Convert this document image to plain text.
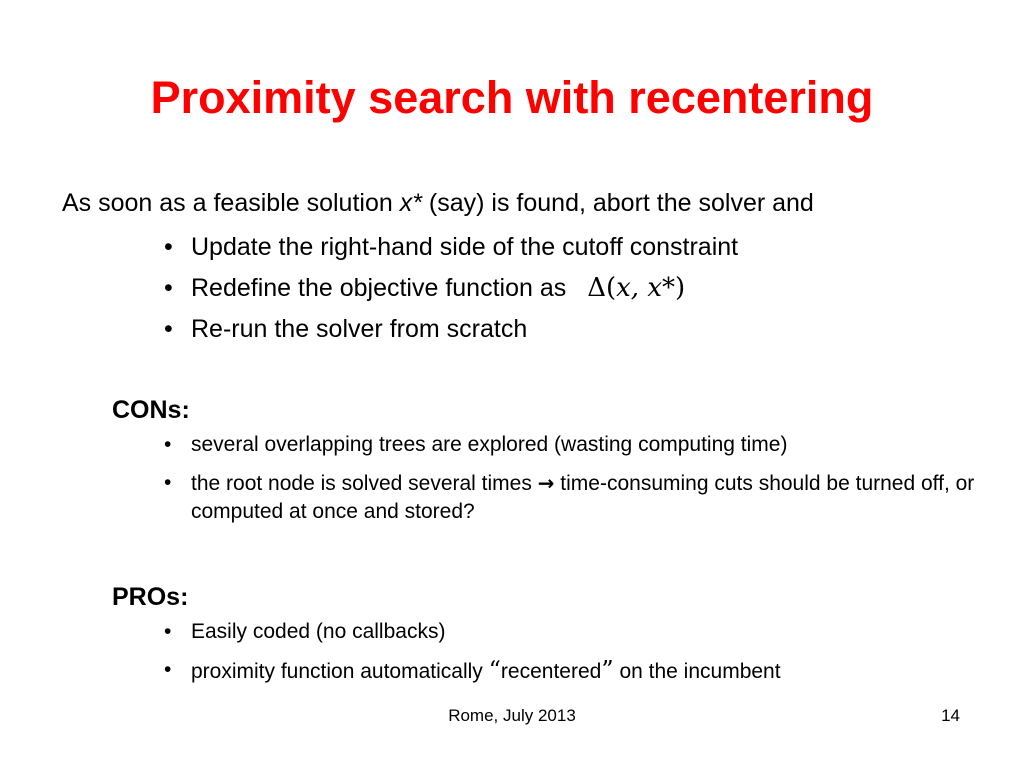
Proximity search with recentering
As soon as a feasible solution x* (say) is found, abort the solver and
• Update the right-hand side of the cutoff constraint
• Redefine the objective function as Δ(x, x*)
• Re-run the solver from scratch
CONs:
• several overlapping trees are explored (wasting computing time)
• the root node is solved several times → time-consuming cuts should be turned off, or computed at once and stored?
PROs:
• Easily coded (no callbacks)
• proximity function automatically “recentered” on the incumbent
Rome, July 2013	14
